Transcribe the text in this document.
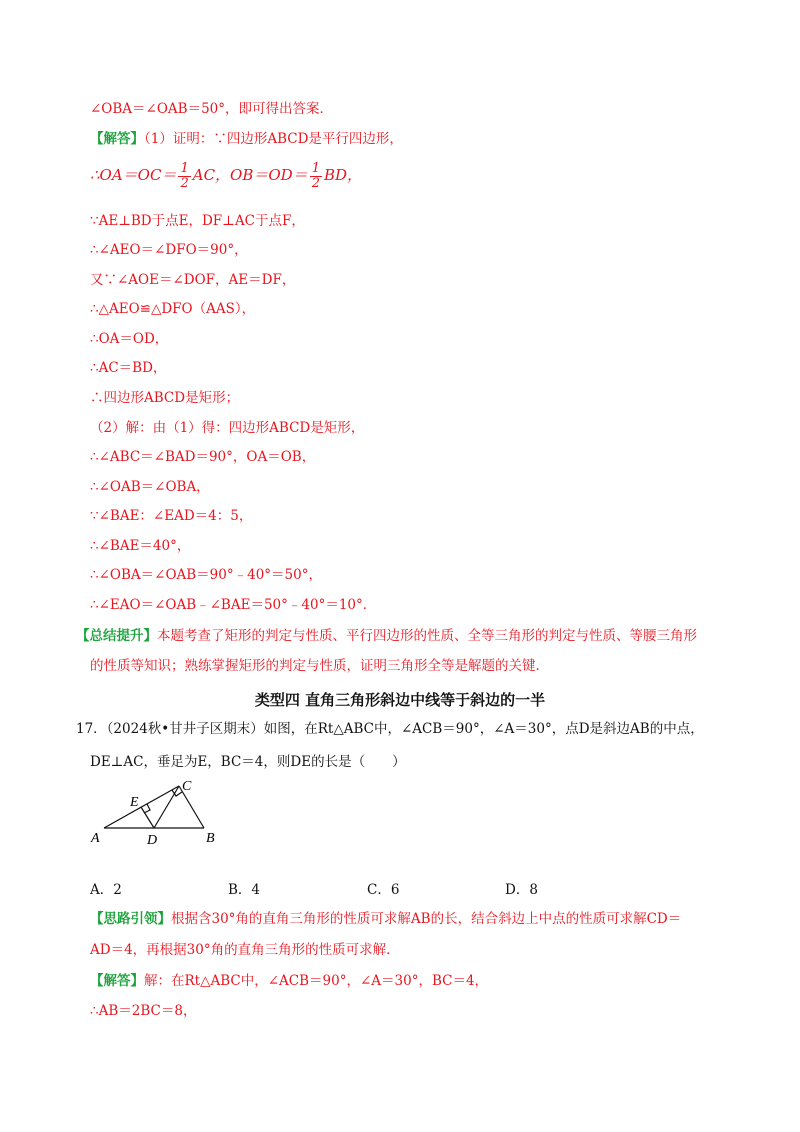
∠OBA＝∠OAB＝50°，即可得出答案．
【解答】（1）证明：∵四边形ABCD是平行四边形，
∴OA＝OC＝ $\frac{1}{2}$ AC，$OB=OD= \frac{1}{2}$ BD，
∵AE⊥BD于点E，DF⊥AC于点F，
∴∠AEO＝∠DFO＝90°，
又∵∠AOE＝∠DOF，AE＝DF，
∴△AEO≌△DFO（AAS），
∴OA＝OD，
∴AC＝BD，
∴四边形ABCD是矩形；
（2）解：由（1）得：四边形ABCD是矩形，
∴∠ABC＝∠BAD＝90°，OA＝OB，
∴∠OAB＝∠OBA，
∵∠BAE：∠EAD＝4：5，
∴∠BAE＝40°，
∴∠OBA＝∠OAB＝90°﹣40°＝50°，
∴∠EAO＝∠OAB﹣∠BAE＝50°﹣40°＝10°．
【总结提升】本题考查了矩形的判定与性质、平行四边形的性质、全等三角形的判定与性质、等腰三角形
的性质等知识；熟练掌握矩形的判定与性质，证明三角形全等是解题的关键．
类型四 直角三角形斜边中线等于斜边的一半
17．（2024秋•甘井子区期末）如图，在Rt△ABC中，∠ACB＝90°，∠A＝30°，点D是斜边AB的中点，
DE⊥AC，垂足为E，BC＝4，则DE的长是（　　）
A	B
C
D
E
A．2	B．4	C．6	D．8
【思路引领】根据含30°角的直角三角形的性质可求解AB的长，结合斜边上中点的性质可求解CD＝
AD＝4，再根据30°角的直角三角形的性质可求解．
【解答】解：在Rt△ABC中，∠ACB＝90°，∠A＝30°，BC＝4，
∴AB＝2BC＝8，
